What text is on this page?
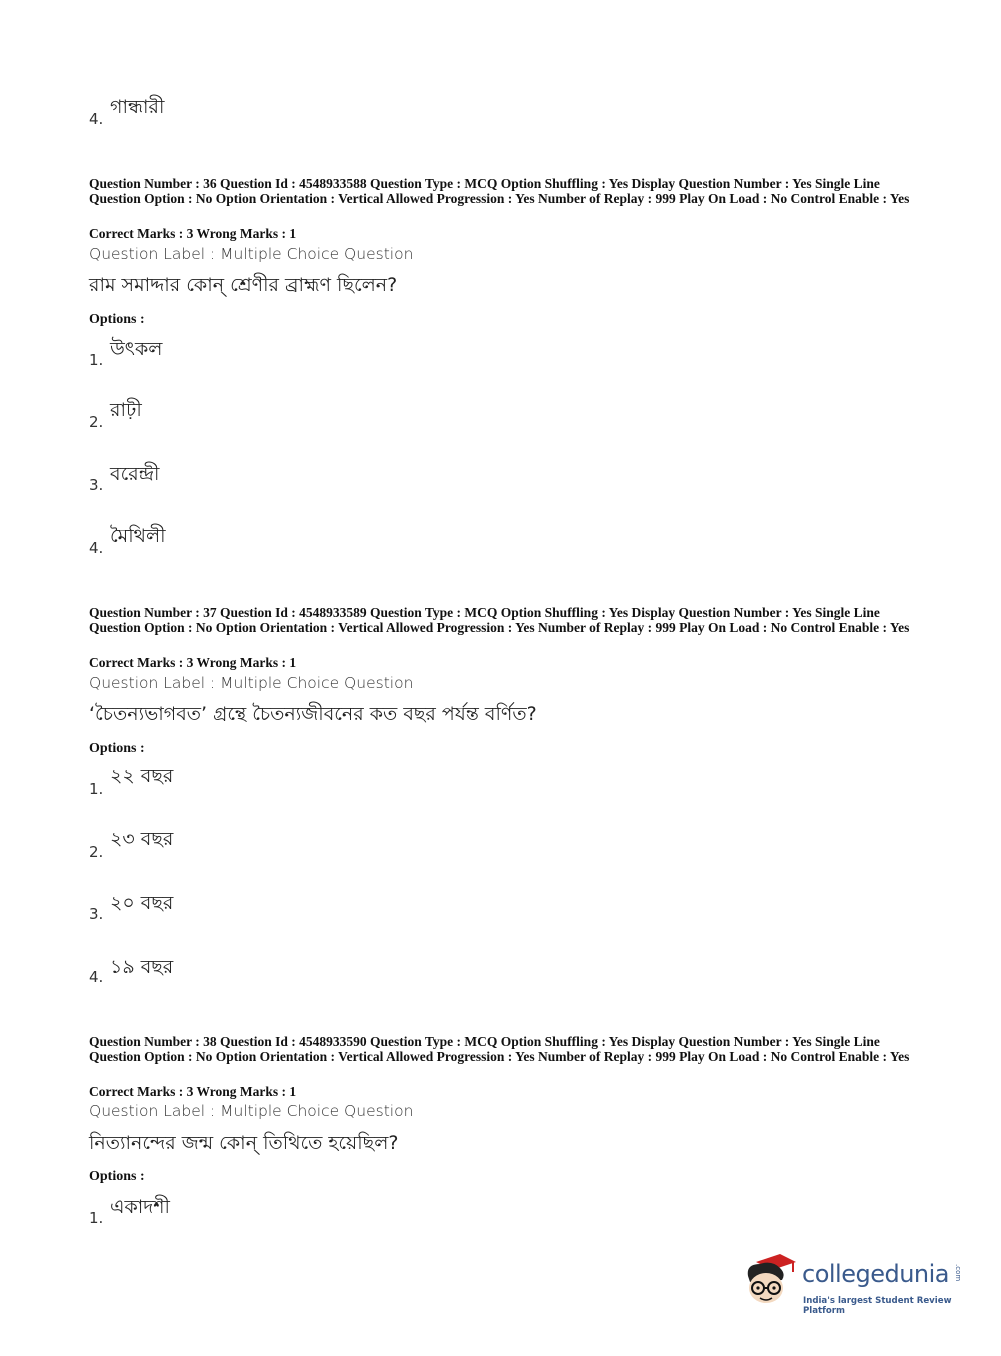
গান্ধারী
4.
Question Number : 36 Question Id : 4548933588 Question Type : MCQ Option Shuffling : Yes Display Question Number : Yes Single Line Question Option : No Option Orientation : Vertical Allowed Progression : Yes Number of Replay : 999 Play On Load : No Control Enable : Yes
Correct Marks : 3 Wrong Marks : 1
Question Label : Multiple Choice Question
রাম সমাদ্দার কোন্ শ্রেণীর ব্রাহ্মণ ছিলেন?
Options :
উৎকল
1.
রাঢ়ী
2.
বরেন্দ্রী
3.
মৈথিলী
4.
Question Number : 37 Question Id : 4548933589 Question Type : MCQ Option Shuffling : Yes Display Question Number : Yes Single Line Question Option : No Option Orientation : Vertical Allowed Progression : Yes Number of Replay : 999 Play On Load : No Control Enable : Yes
Correct Marks : 3 Wrong Marks : 1
Question Label : Multiple Choice Question
‘চৈতন্যভাগবত’ গ্রন্থে চৈতন্যজীবনের কত বছর পর্যন্ত বর্ণিত?
Options :
২২ বছর
1.
২৩ বছর
2.
২০ বছর
3.
১৯ বছর
4.
Question Number : 38 Question Id : 4548933590 Question Type : MCQ Option Shuffling : Yes Display Question Number : Yes Single Line Question Option : No Option Orientation : Vertical Allowed Progression : Yes Number of Replay : 999 Play On Load : No Control Enable : Yes
Correct Marks : 3 Wrong Marks : 1
Question Label : Multiple Choice Question
নিত্যানন্দের জন্ম কোন্ তিথিতে হয়েছিল?
Options :
একাদশী
1.
collegedunia .com
India's largest Student Review Platform
